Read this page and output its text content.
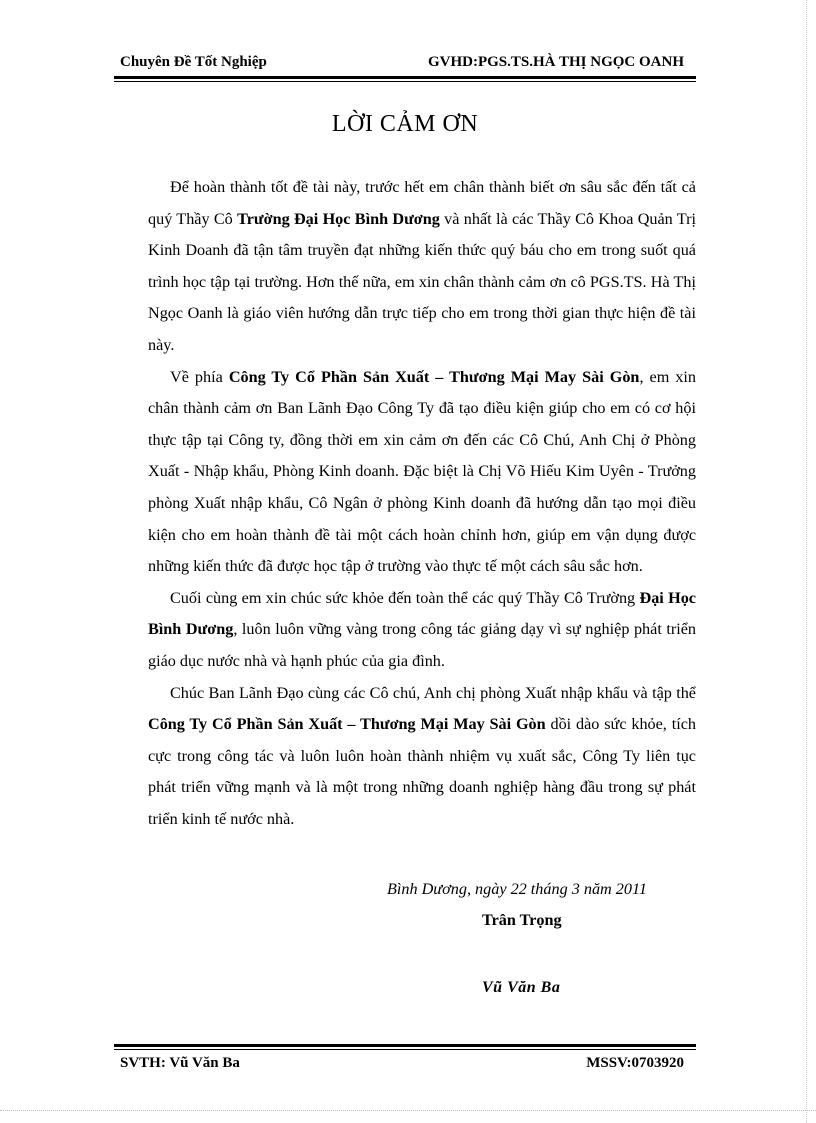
Chuyên Đề Tốt Nghiệp	GVHD:PGS.TS.HÀ THỊ NGỌC OANH
LỜI CẢM ƠN

Để hoàn thành tốt đề tài này, trước hết em chân thành biết ơn sâu sắc đến tất cả quý Thầy Cô Trường Đại Học Bình Dương và nhất là các Thầy Cô Khoa Quản Trị Kinh Doanh đã tận tâm truyền đạt những kiến thức quý báu cho em trong suốt quá trình học tập tại trường. Hơn thế nữa, em xin chân thành cảm ơn cô PGS.TS. Hà Thị Ngọc Oanh là giáo viên hướng dẫn trực tiếp cho em trong thời gian thực hiện đề tài này.

Về phía Công Ty Cổ Phần Sản Xuất – Thương Mại May Sài Gòn, em xin chân thành cảm ơn Ban Lãnh Đạo Công Ty đã tạo điều kiện giúp cho em có cơ hội thực tập tại Công ty, đồng thời em xin cảm ơn đến các Cô Chú, Anh Chị ở Phòng Xuất - Nhập khẩu, Phòng Kinh doanh. Đặc biệt là Chị Võ Hiếu Kim Uyên - Trưởng phòng Xuất nhập khẩu, Cô Ngân ở phòng Kinh doanh đã hướng dẫn tạo mọi điều kiện cho em hoàn thành đề tài một cách hoàn chỉnh hơn, giúp em vận dụng được những kiến thức đã được học tập ở trường vào thực tế một cách sâu sắc hơn.

Cuối cùng em xin chúc sức khỏe đến toàn thể các quý Thầy Cô Trường Đại Học Bình Dương, luôn luôn vững vàng trong công tác giảng dạy vì sự nghiệp phát triển giáo dục nước nhà và hạnh phúc của gia đình.

Chúc Ban Lãnh Đạo cùng các Cô chú, Anh chị phòng Xuất nhập khẩu và tập thể Công Ty Cổ Phần Sản Xuất – Thương Mại May Sài Gòn dồi dào sức khỏe, tích cực trong công tác và luôn luôn hoàn thành nhiệm vụ xuất sắc, Công Ty liên tục phát triển vững mạnh và là một trong những doanh nghiệp hàng đầu trong sự phát triển kinh tế nước nhà.

Bình Dương, ngày 22 tháng 3 năm 2011
Trân Trọng
Vũ Văn Ba
SVTH: Vũ Văn Ba	MSSV:0703920
